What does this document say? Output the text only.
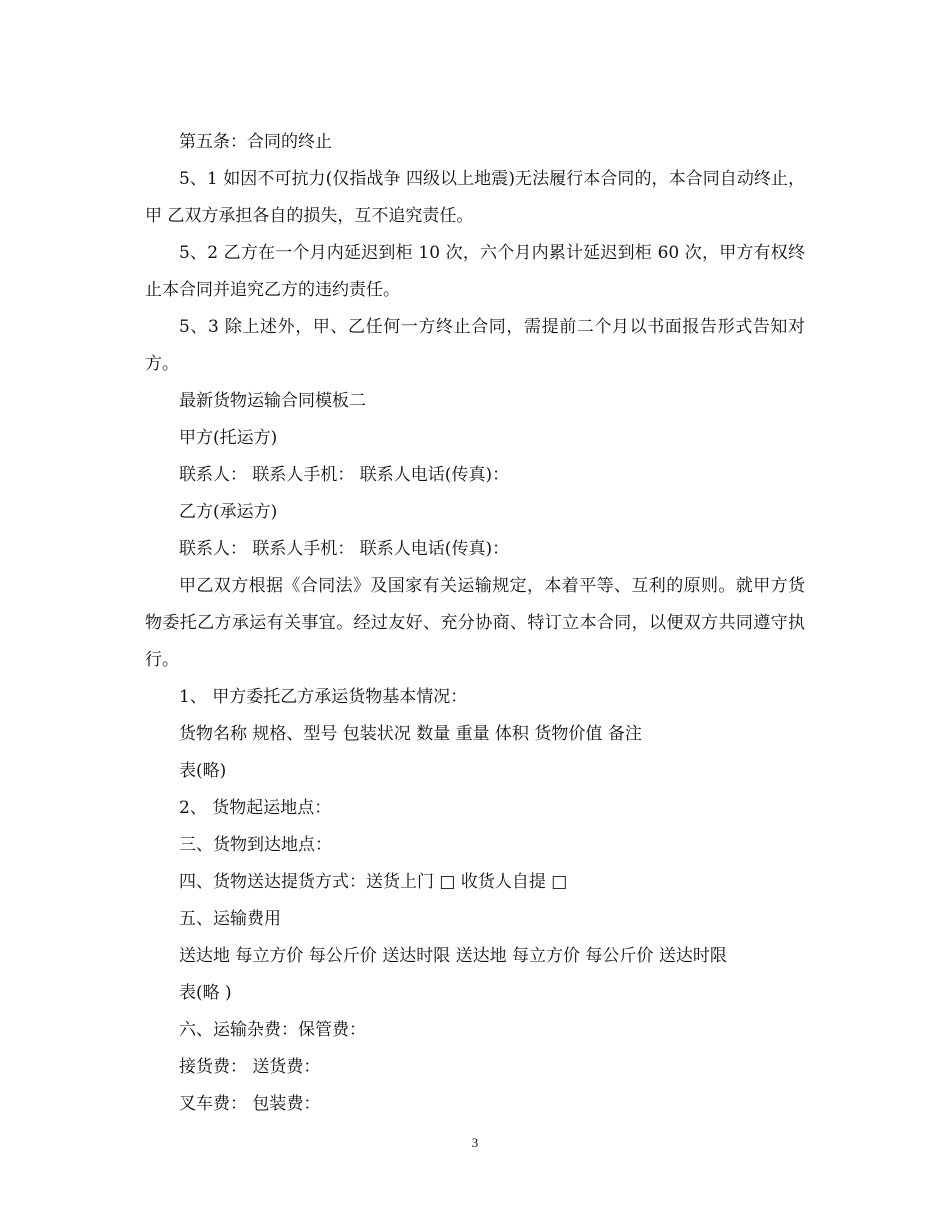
第五条：合同的终止

5、1 如因不可抗力(仅指战争 四级以上地震)无法履行本合同的，本合同自动终止，甲 乙双方承担各自的损失，互不追究责任。

5、2 乙方在一个月内延迟到柜 10 次，六个月内累计延迟到柜 60 次，甲方有权终止本合同并追究乙方的违约责任。

5、3 除上述外，甲、乙任何一方终止合同，需提前二个月以书面报告形式告知对方。

最新货物运输合同模板二

甲方(托运方)

联系人： 联系人手机： 联系人电话(传真)：

乙方(承运方)

联系人： 联系人手机： 联系人电话(传真)：

甲乙双方根据《合同法》及国家有关运输规定，本着平等、互利的原则。就甲方货物委托乙方承运有关事宜。经过友好、充分协商、特订立本合同，以便双方共同遵守执行。

1、 甲方委托乙方承运货物基本情况：

货物名称 规格、型号 包装状况 数量 重量 体积 货物价值 备注

表(略)

2、 货物起运地点：

三、货物到达地点：

四、货物送达提货方式：送货上门 □ 收货人自提 □

五、运输费用

送达地 每立方价 每公斤价 送达时限 送达地 每立方价 每公斤价 送达时限

表(略 )

六、运输杂费：保管费：

接货费： 送货费：

叉车费： 包装费：

3
